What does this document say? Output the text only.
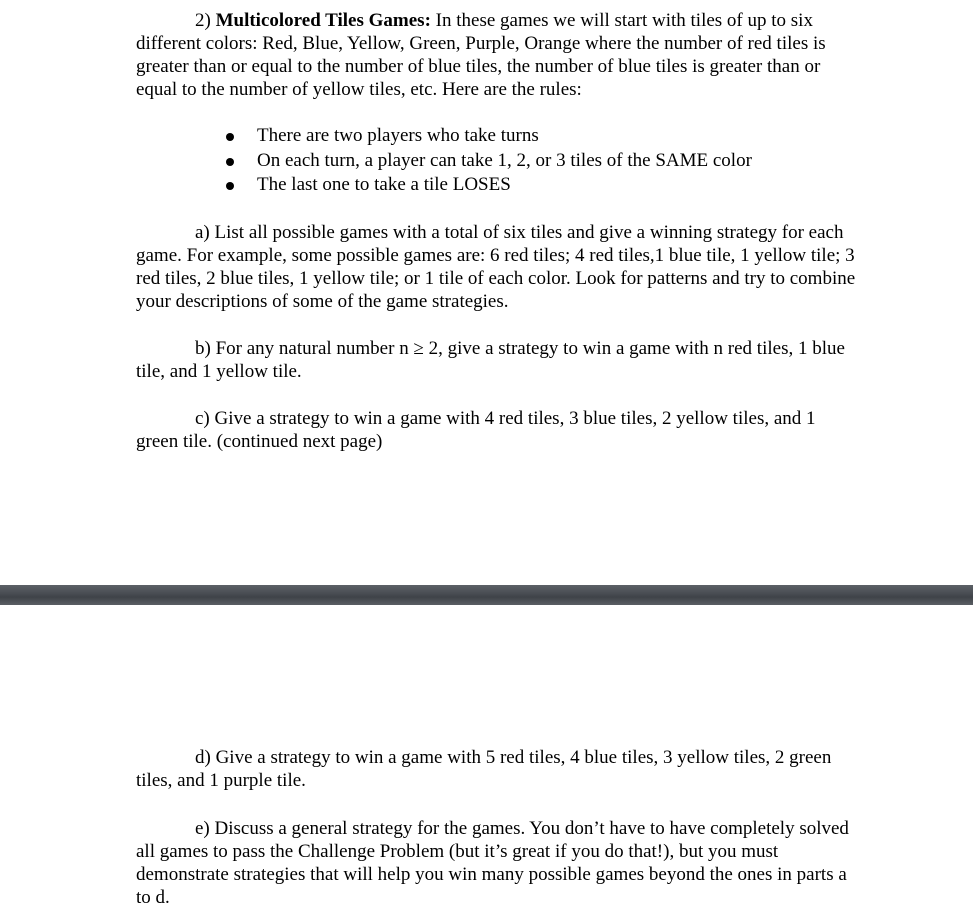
2) Multicolored Tiles Games: In these games we will start with tiles of up to six different colors: Red, Blue, Yellow, Green, Purple, Orange where the number of red tiles is greater than or equal to the number of blue tiles, the number of blue tiles is greater than or equal to the number of yellow tiles, etc. Here are the rules:

There are two players who take turns
On each turn, a player can take 1, 2, or 3 tiles of the SAME color
The last one to take a tile LOSES

a) List all possible games with a total of six tiles and give a winning strategy for each game. For example, some possible games are: 6 red tiles; 4 red tiles,1 blue tile, 1 yellow tile; 3 red tiles, 2 blue tiles, 1 yellow tile; or 1 tile of each color. Look for patterns and try to combine your descriptions of some of the game strategies.

b) For any natural number n ≥ 2, give a strategy to win a game with n red tiles, 1 blue tile, and 1 yellow tile.

c) Give a strategy to win a game with 4 red tiles, 3 blue tiles, 2 yellow tiles, and 1 green tile. (continued next page)

d) Give a strategy to win a game with 5 red tiles, 4 blue tiles, 3 yellow tiles, 2 green tiles, and 1 purple tile.

e) Discuss a general strategy for the games. You don’t have to have completely solved all games to pass the Challenge Problem (but it’s great if you do that!), but you must demonstrate strategies that will help you win many possible games beyond the ones in parts a to d.
